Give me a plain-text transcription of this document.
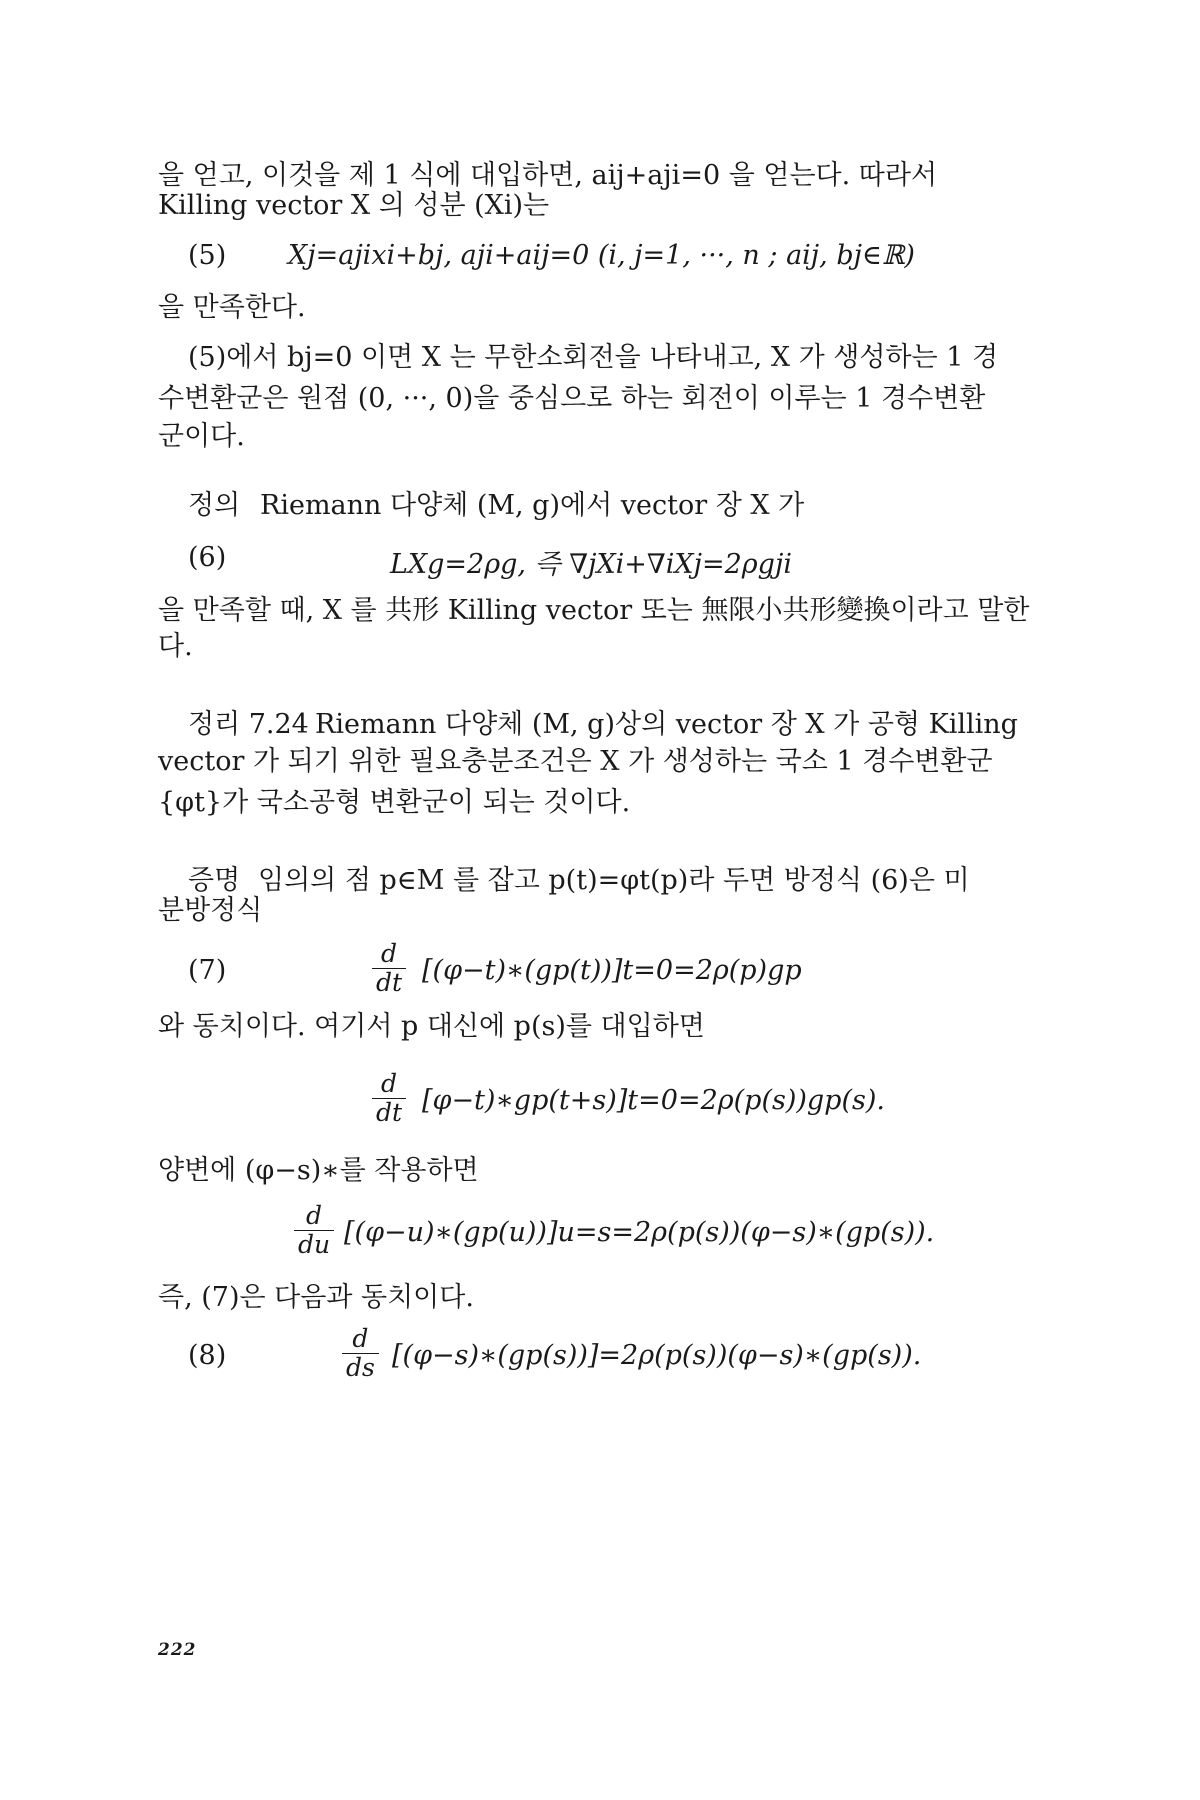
을 얻고, 이것을 제 1 식에 대입하면, aij+aji=0 을 얻는다. 따라서
Killing vector X 의 성분 (Xi)는
(5) Xj=ajixi+bj, aji+aij=0 (i, j=1, ···, n ; aij, bj∈ℝ)
을 만족한다.
(5)에서 bj=0 이면 X 는 무한소회전을 나타내고, X 가 생성하는 1 경
수변환군은 원점 (0, ···, 0)을 중심으로 하는 회전이 이루는 1 경수변환
군이다.
정의 Riemann 다양체 (M, g)에서 vector 장 X 가
(6)	LXg=2ρg, 즉 ∇jXi+∇iXj=2ρgji
을 만족할 때, X 를 共形 Killing vector 또는 無限小共形變換이라고 말한
다.
정리 7.24 Riemann 다양체 (M, g)상의 vector 장 X 가 공형 Killing
vector 가 되기 위한 필요충분조건은 X 가 생성하는 국소 1 경수변환군
{φt}가 국소공형 변환군이 되는 것이다.
증명 임의의 점 p∈M 를 잡고 p(t)=φt(p)라 두면 방정식 (6)은 미
분방정식
(7)	$\frac{d}{dt}$ [(φ−t)∗(gp(t))]t=0=2ρ(p)gp
와 동치이다. 여기서 p 대신에 p(s)를 대입하면
$\frac{d}{dt}$ [φ−t)∗gp(t+s)]t=0=2ρ(p(s))gp(s).
양변에 (φ−s)∗를 작용하면
$\frac{d}{du}$ [(φ−u)∗(gp(u))]u=s=2ρ(p(s))(φ−s)∗(gp(s)).
즉, (7)은 다음과 동치이다.
(8)	$\frac{d}{ds}$ [(φ−s)∗(gp(s))]=2ρ(p(s))(φ−s)∗(gp(s)).
222
